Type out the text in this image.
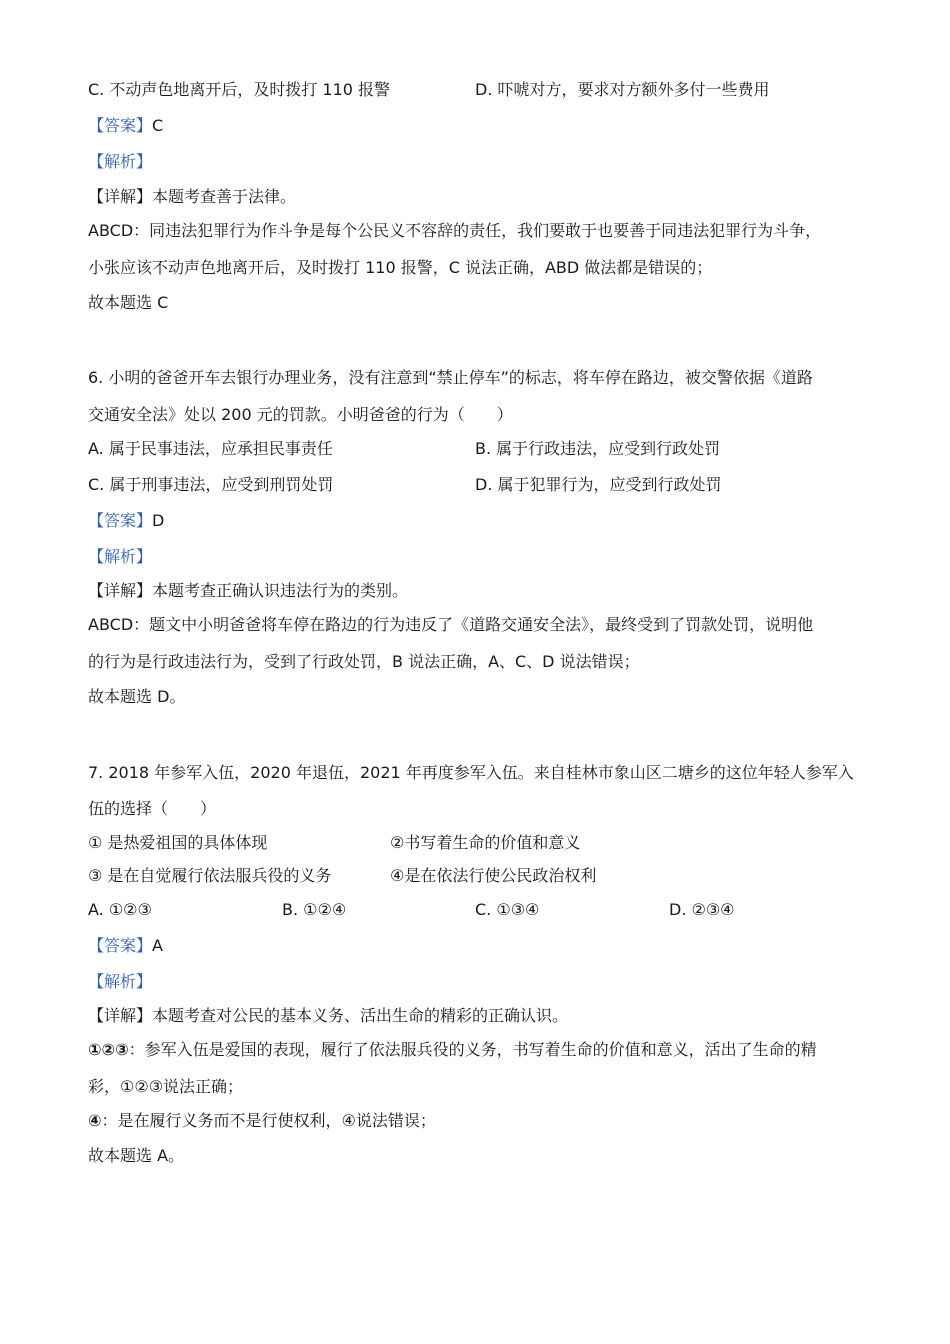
C. 不动声色地离开后，及时拨打 110 报警	D. 吓唬对方，要求对方额外多付一些费用
【答案】C
【解析】
【详解】本题考查善于法律。
ABCD：同违法犯罪行为作斗争是每个公民义不容辞的责任，我们要敢于也要善于同违法犯罪行为斗争，
小张应该不动声色地离开后，及时拨打 110 报警，C 说法正确，ABD 做法都是错误的；
故本题选 C
6. 小明的爸爸开车去银行办理业务，没有注意到“禁止停车”的标志，将车停在路边，被交警依据《道路
交通安全法》处以 200 元的罚款。小明爸爸的行为（　　）
A. 属于民事违法，应承担民事责任	B. 属于行政违法，应受到行政处罚
C. 属于刑事违法，应受到刑罚处罚	D. 属于犯罪行为，应受到行政处罚
【答案】D
【解析】
【详解】本题考查正确认识违法行为的类别。
ABCD：题文中小明爸爸将车停在路边的行为违反了《道路交通安全法》，最终受到了罚款处罚，说明他
的行为是行政违法行为，受到了行政处罚，B 说法正确，A、C、D 说法错误；
故本题选 D。
7. 2018 年参军入伍，2020 年退伍，2021 年再度参军入伍。来自桂林市象山区二塘乡的这位年轻人参军入
伍的选择（　　）
① 是热爱祖国的具体体现	②书写着生命的价值和意义
③ 是在自觉履行依法服兵役的义务	④是在依法行使公民政治权利
A. ①②③	B. ①②④	C. ①③④	D. ②③④
【答案】A
【解析】
【详解】本题考查对公民的基本义务、活出生命的精彩的正确认识。
①②③：参军入伍是爱国的表现，履行了依法服兵役的义务，书写着生命的价值和意义，活出了生命的精
彩，①②③说法正确；
④：是在履行义务而不是行使权利，④说法错误；
故本题选 A。
